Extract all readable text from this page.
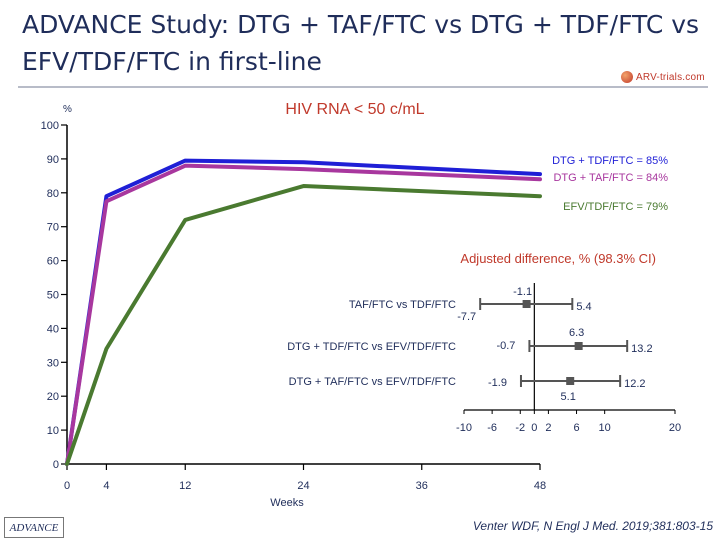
ADVANCE Study: DTG + TAF/FTC vs DTG + TDF/FTC vs EFV/TDF/FTC in first-line
ARV-trials.com
0
10
20
30
40
50
60
70
80
90
100
0	4	12	24	36	48
%
Weeks
HIV RNA < 50 c/mL
DTG + TDF/FTC = 85%
DTG + TAF/FTC = 84%
EFV/TDF/FTC = 79%
Adjusted difference, % (98.3% CI)
-10 -6 -2 0 2 6 10	20
TAF/FTC vs TDF/FTC
-7.7
5.4
-1.1
DTG + TDF/FTC vs EFV/TDF/FTC	-0.7	13.2
6.3
DTG + TAF/FTC vs EFV/TDF/FTC	-1.9	12.2
5.1
ADVANCE	Venter WDF, N Engl J Med. 2019;381:803-15
